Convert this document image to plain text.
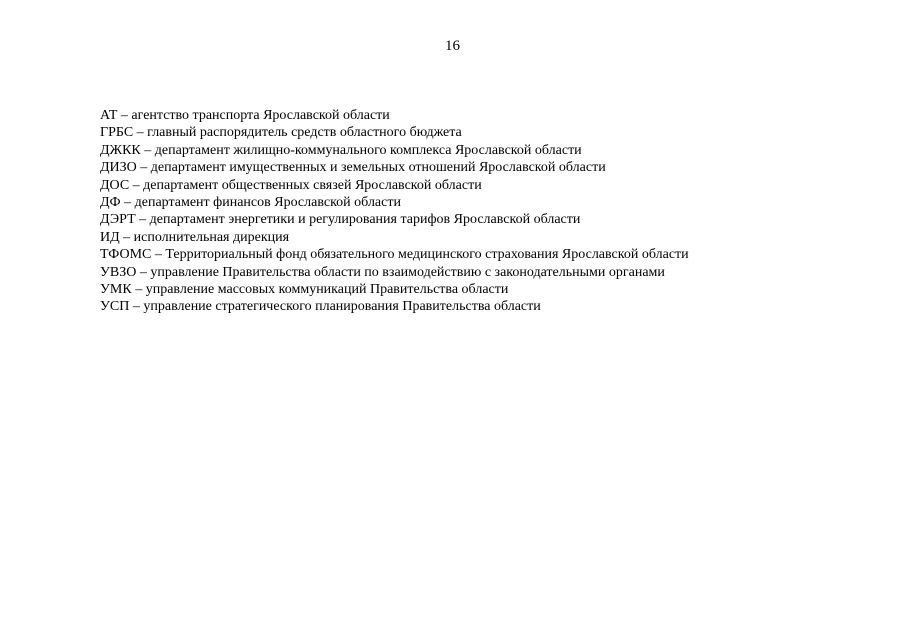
16
АТ – агентство транспорта Ярославской области
ГРБС – главный распорядитель средств областного бюджета
ДЖКК – департамент жилищно-коммунального комплекса Ярославской области
ДИЗО – департамент имущественных и земельных отношений Ярославской области
ДОС – департамент общественных связей Ярославской области
ДФ – департамент финансов Ярославской области
ДЭРТ – департамент энергетики и регулирования тарифов Ярославской области
ИД – исполнительная дирекция
ТФОМС – Территориальный фонд обязательного медицинского страхования Ярославской области
УВЗО – управление Правительства области по взаимодействию с законодательными органами
УМК – управление массовых коммуникаций Правительства области
УСП – управление стратегического планирования Правительства области
